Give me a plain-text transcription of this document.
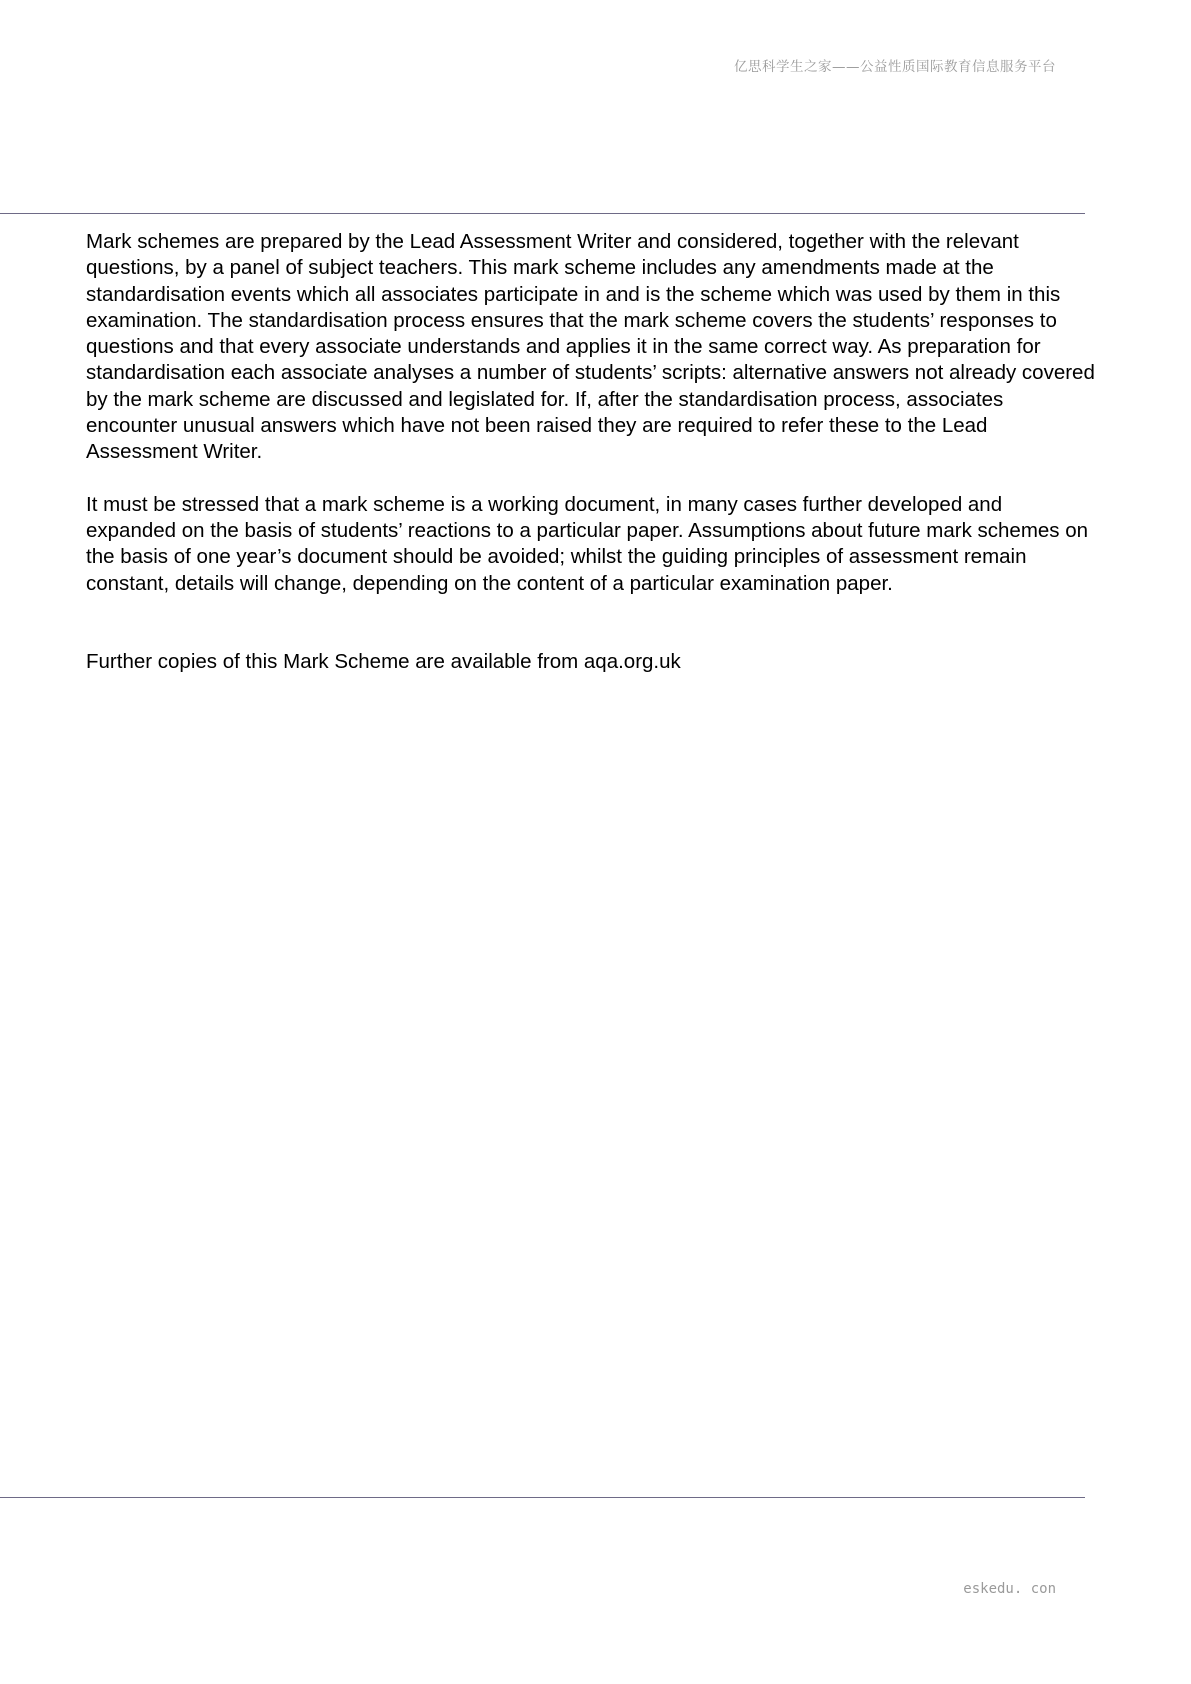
亿思科学生之家——公益性质国际教育信息服务平台

Mark schemes are prepared by the Lead Assessment Writer and considered, together with the relevant questions, by a panel of subject teachers. This mark scheme includes any amendments made at the standardisation events which all associates participate in and is the scheme which was used by them in this examination. The standardisation process ensures that the mark scheme covers the students’ responses to questions and that every associate understands and applies it in the same correct way. As preparation for standardisation each associate analyses a number of students’ scripts: alternative answers not already covered by the mark scheme are discussed and legislated for. If, after the standardisation process, associates encounter unusual answers which have not been raised they are required to refer these to the Lead Assessment Writer.

It must be stressed that a mark scheme is a working document, in many cases further developed and expanded on the basis of students’ reactions to a particular paper. Assumptions about future mark schemes on the basis of one year’s document should be avoided; whilst the guiding principles of assessment remain constant, details will change, depending on the content of a particular examination paper.

Further copies of this Mark Scheme are available from aqa.org.uk

eskedu. con
